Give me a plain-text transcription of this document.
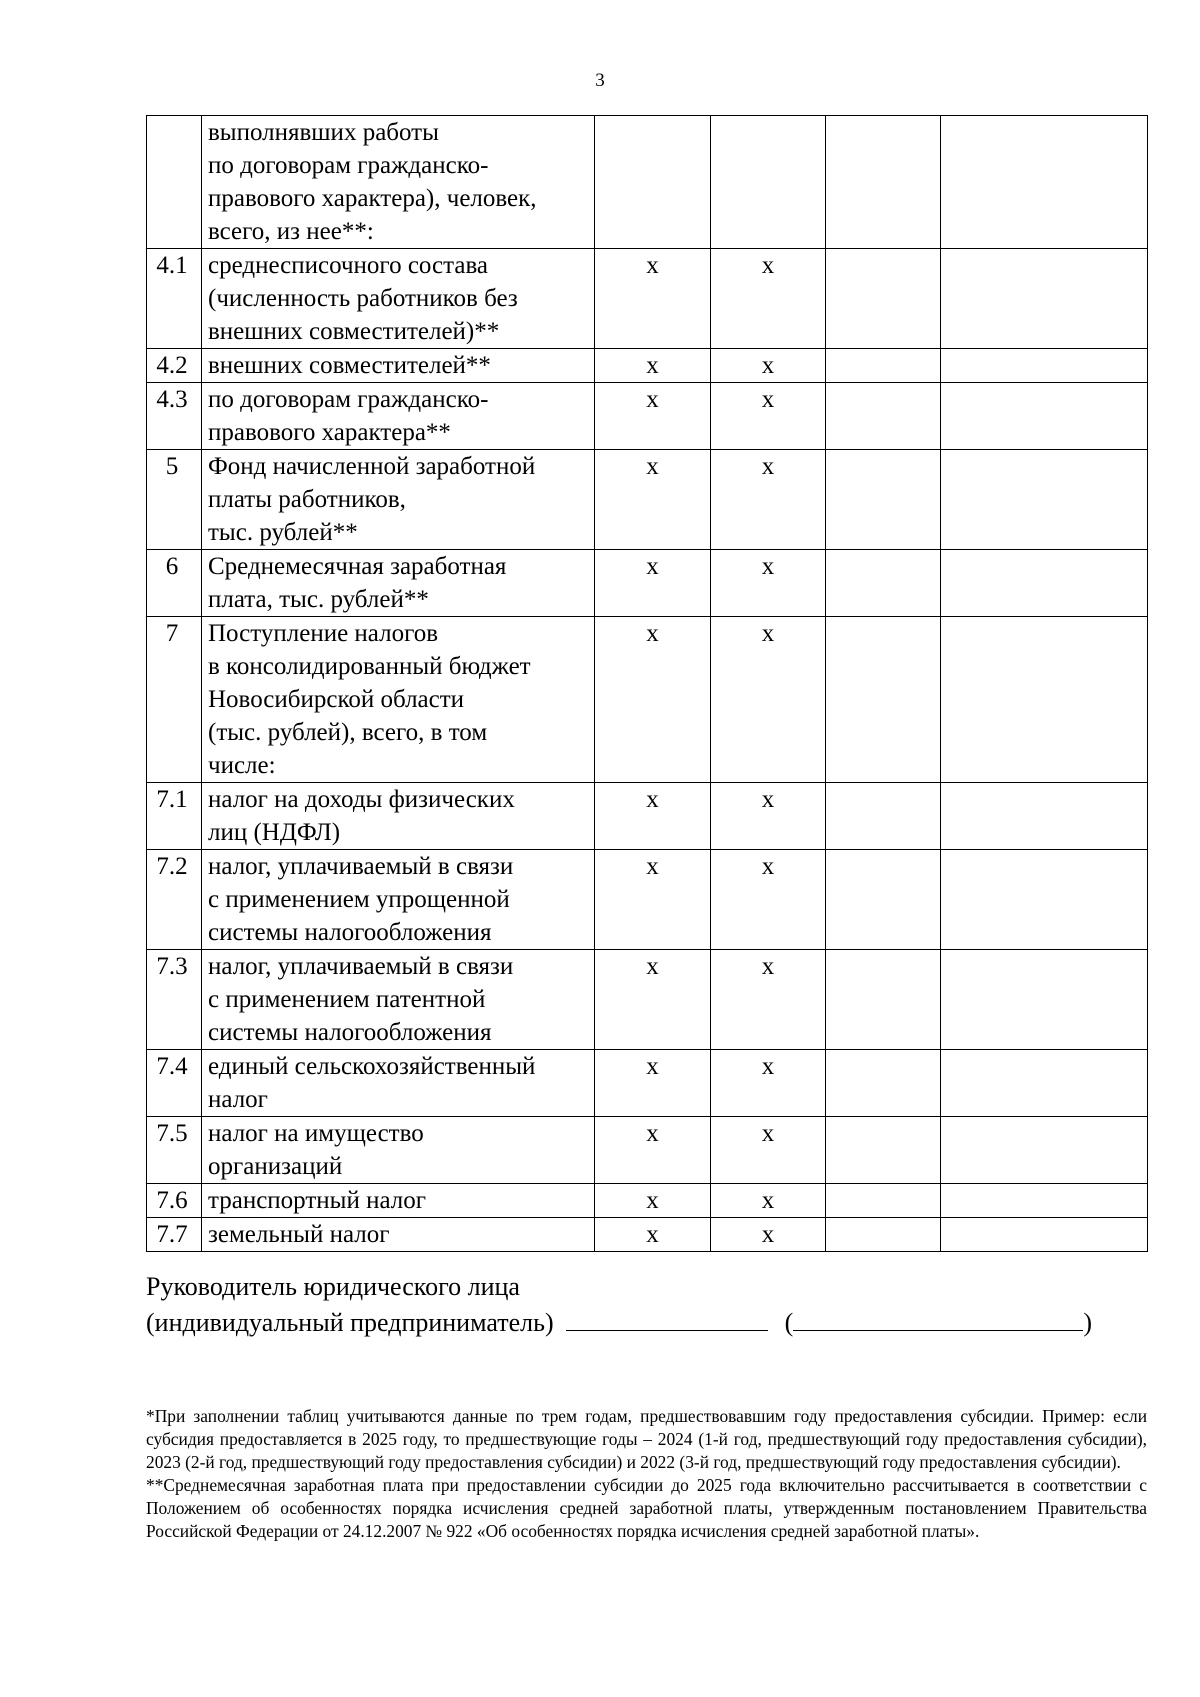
3

	выполнявших работы
по договорам гражданско-
правового характера), человек,
всего, из нее**:				

4.1	среднесписочного состава
(численность работников без
внешних совместителей)**	x	x		
4.2	внешних совместителей**	x	x		
4.3	по договорам гражданско-
правового характера**	x	x		
5	Фонд начисленной заработной
платы работников,
тыс. рублей**	x	x		
6	Среднемесячная заработная
плата, тыс. рублей**	x	x		
7	Поступление налогов
в консолидированный бюджет
Новосибирской области
(тыс. рублей), всего, в том
числе:	x	x		
7.1	налог на доходы физических
лиц (НДФЛ)	x	x		
7.2	налог, уплачиваемый в связи
с применением упрощенной
системы налогообложения	x	x		
7.3	налог, уплачиваемый в связи
с применением патентной
системы налогообложения	x	x		
7.4	единый сельскохозяйственный
налог	x	x		
7.5	налог на имущество
организаций	x	x		
7.6	транспортный налог	x	x		
7.7	земельный налог	x	x		
Руководитель юридического лица
(индивидуальный предприниматель)	(	)

*При заполнении таблиц учитываются данные по трем годам, предшествовавшим году предоставления субсидии. Пример: если субсидия предоставляется в 2025 году, то предшествующие годы – 2024 (1-й год, предшествующий году предоставления субсидии), 2023 (2-й год, предшествующий году предоставления субсидии) и 2022 (3-й год, предшествующий году предоставления субсидии).

**Среднемесячная заработная плата при предоставлении субсидии до 2025 года включительно рассчитывается в соответствии с Положением об особенностях порядка исчисления средней заработной платы, утвержденным постановлением Правительства Российской Федерации от 24.12.2007 № 922 «Об особенностях порядка исчисления средней заработной платы».
